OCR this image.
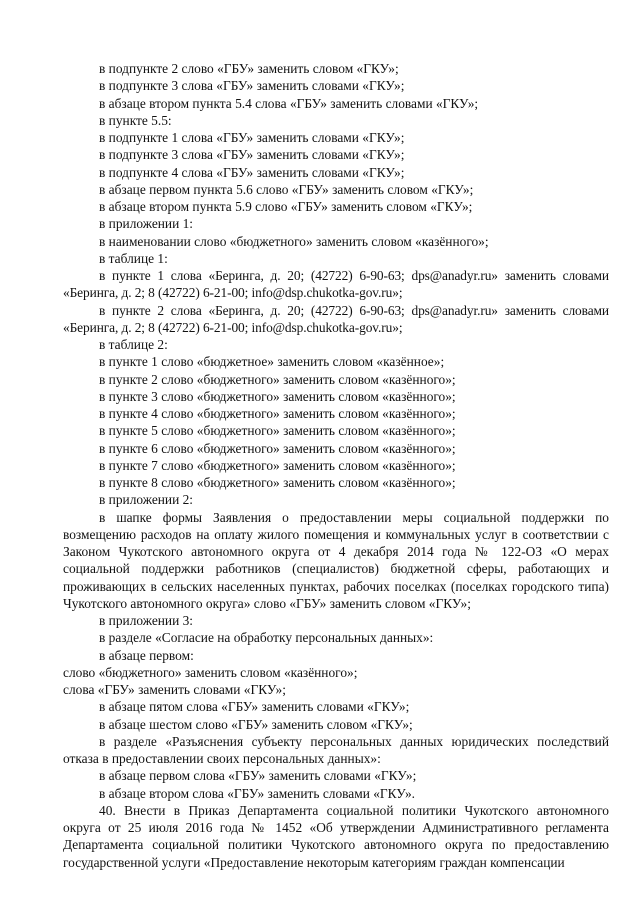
в подпункте 2 слово «ГБУ» заменить словом «ГКУ»;

в подпункте 3 слова «ГБУ» заменить словами «ГКУ»;

в абзаце втором пункта 5.4 слова «ГБУ» заменить словами «ГКУ»;

в пункте 5.5:

в подпункте 1 слова «ГБУ» заменить словами «ГКУ»;

в подпункте 3 слова «ГБУ» заменить словами «ГКУ»;

в подпункте 4 слова «ГБУ» заменить словами «ГКУ»;

в абзаце первом пункта 5.6 слово «ГБУ» заменить словом «ГКУ»;

в абзаце втором пункта 5.9 слово «ГБУ» заменить словом «ГКУ»;

в приложении 1:

в наименовании слово «бюджетного» заменить словом «казённого»;

в таблице 1:

в пункте 1 слова «Беринга, д. 20; (42722) 6-90-63; dps@anadyr.ru» заменить словами «Беринга, д. 2; 8 (42722) 6-21-00; info@dsp.chukotka-gov.ru»;

в пункте 2 слова «Беринга, д. 20; (42722) 6-90-63; dps@anadyr.ru» заменить словами «Беринга, д. 2; 8 (42722) 6-21-00; info@dsp.chukotka-gov.ru»;

в таблице 2:

в пункте 1 слово «бюджетное» заменить словом «казённое»;

в пункте 2 слово «бюджетного» заменить словом «казённого»;

в пункте 3 слово «бюджетного» заменить словом «казённого»;

в пункте 4 слово «бюджетного» заменить словом «казённого»;

в пункте 5 слово «бюджетного» заменить словом «казённого»;

в пункте 6 слово «бюджетного» заменить словом «казённого»;

в пункте 7 слово «бюджетного» заменить словом «казённого»;

в пункте 8 слово «бюджетного» заменить словом «казённого»;

в приложении 2:

в шапке формы Заявления о предоставлении меры социальной поддержки по возмещению расходов на оплату жилого помещения и коммунальных услуг в соответствии с Законом Чукотского автономного округа от 4 декабря 2014 года № 122-ОЗ «О мерах социальной поддержки работников (специалистов) бюджетной сферы, работающих и проживающих в сельских населенных пунктах, рабочих поселках (поселках городского типа) Чукотского автономного округа» слово «ГБУ» заменить словом «ГКУ»;

в приложении 3:

в разделе «Согласие на обработку персональных данных»:

в абзаце первом:

слово «бюджетного» заменить словом «казённого»;

слова «ГБУ» заменить словами «ГКУ»;

в абзаце пятом слова «ГБУ» заменить словами «ГКУ»;

в абзаце шестом слово «ГБУ» заменить словом «ГКУ»;

в разделе «Разъяснения субъекту персональных данных юридических последствий отказа в предоставлении своих персональных данных»:

в абзаце первом слова «ГБУ» заменить словами «ГКУ»;

в абзаце втором слова «ГБУ» заменить словами «ГКУ».

40. Внести в Приказ Департамента социальной политики Чукотского автономного округа от 25 июля 2016 года № 1452 «Об утверждении Административного регламента Департамента социальной политики Чукотского автономного округа по предоставлению государственной услуги «Предоставление некоторым категориям граждан компенсации
